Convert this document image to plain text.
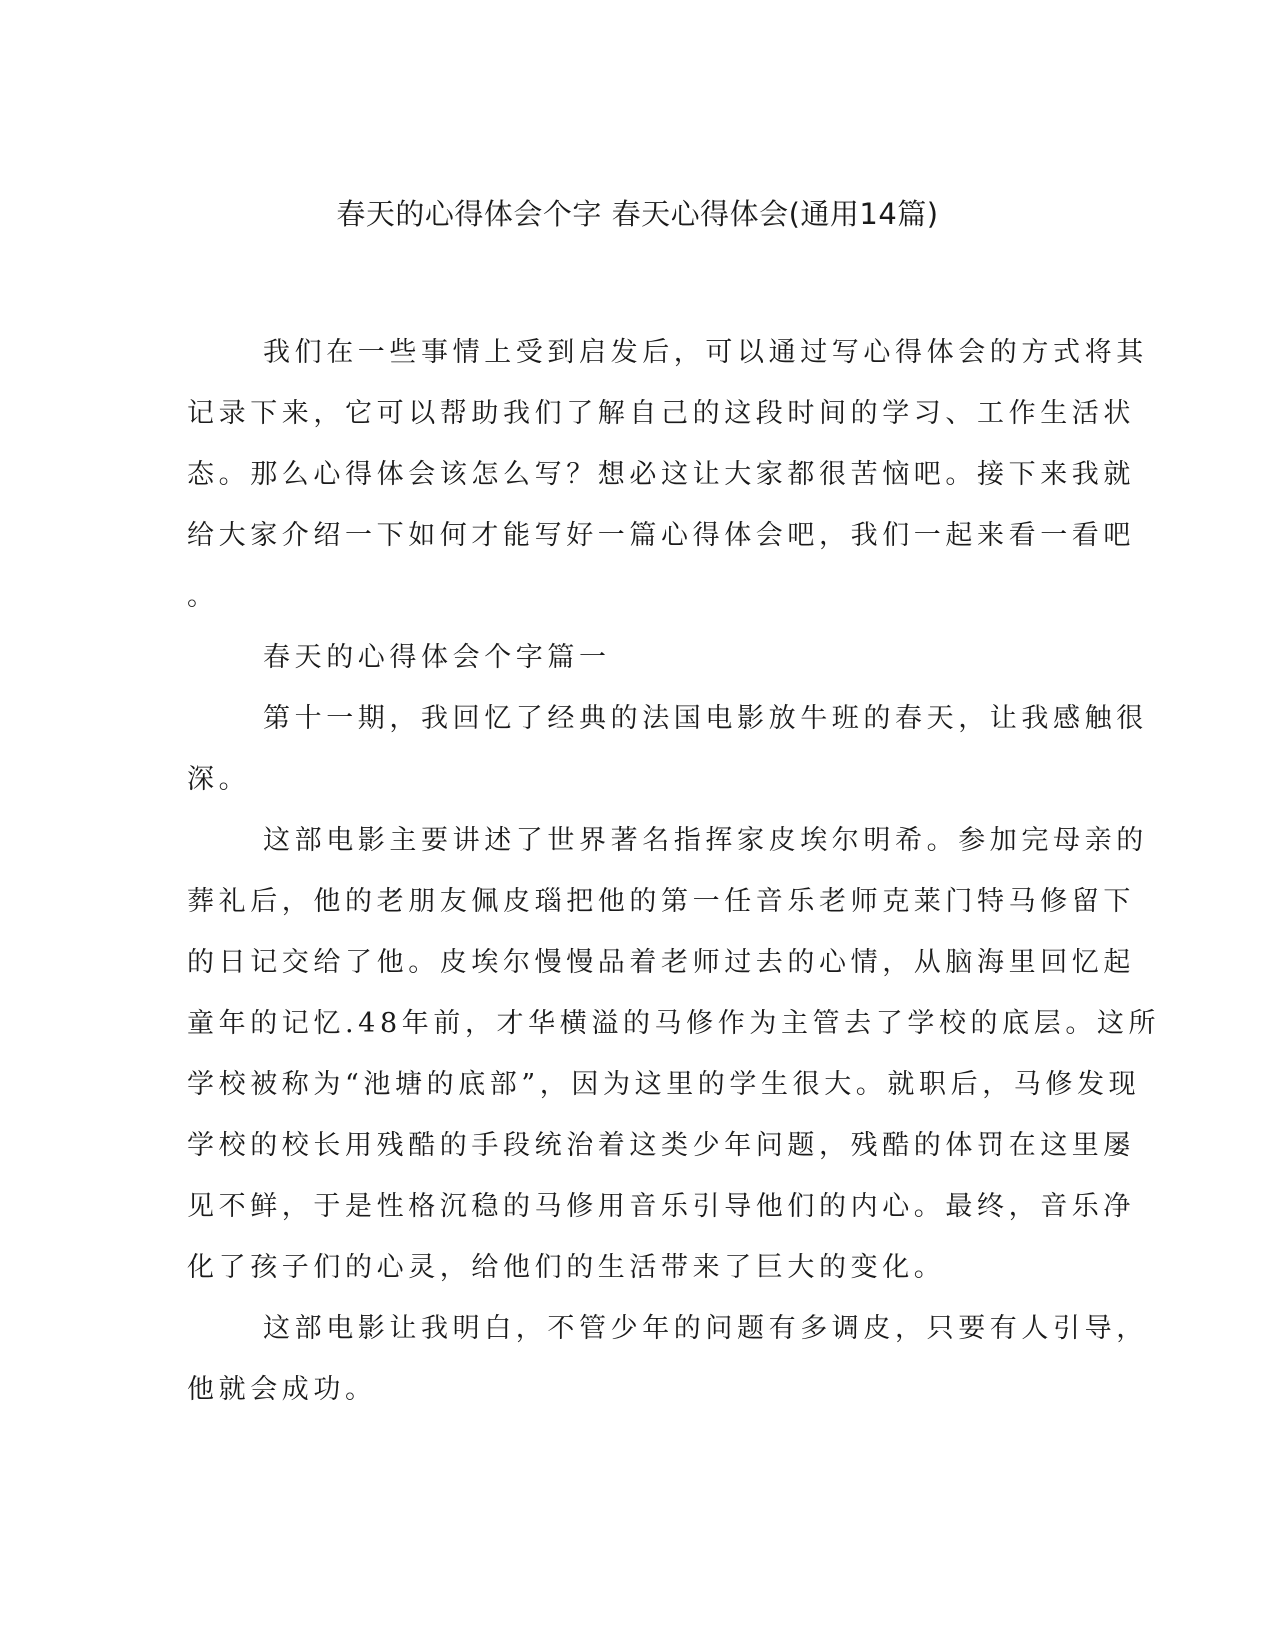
春天的心得体会个字 春天心得体会(通用14篇)
我们在一些事情上受到启发后，可以通过写心得体会的方式将其
记录下来，它可以帮助我们了解自己的这段时间的学习、工作生活状
态。那么心得体会该怎么写？想必这让大家都很苦恼吧。接下来我就
给大家介绍一下如何才能写好一篇心得体会吧，我们一起来看一看吧
。
春天的心得体会个字篇一
第十一期，我回忆了经典的法国电影放牛班的春天，让我感触很
深。
这部电影主要讲述了世界著名指挥家皮埃尔明希。参加完母亲的
葬礼后，他的老朋友佩皮瑙把他的第一任音乐老师克莱门特马修留下
的日记交给了他。皮埃尔慢慢品着老师过去的心情，从脑海里回忆起
童年的记忆.48年前，才华横溢的马修作为主管去了学校的底层。这所
学校被称为“池塘的底部”，因为这里的学生很大。就职后，马修发现
学校的校长用残酷的手段统治着这类少年问题，残酷的体罚在这里屡
见不鲜，于是性格沉稳的马修用音乐引导他们的内心。最终，音乐净
化了孩子们的心灵，给他们的生活带来了巨大的变化。
这部电影让我明白，不管少年的问题有多调皮，只要有人引导，
他就会成功。
